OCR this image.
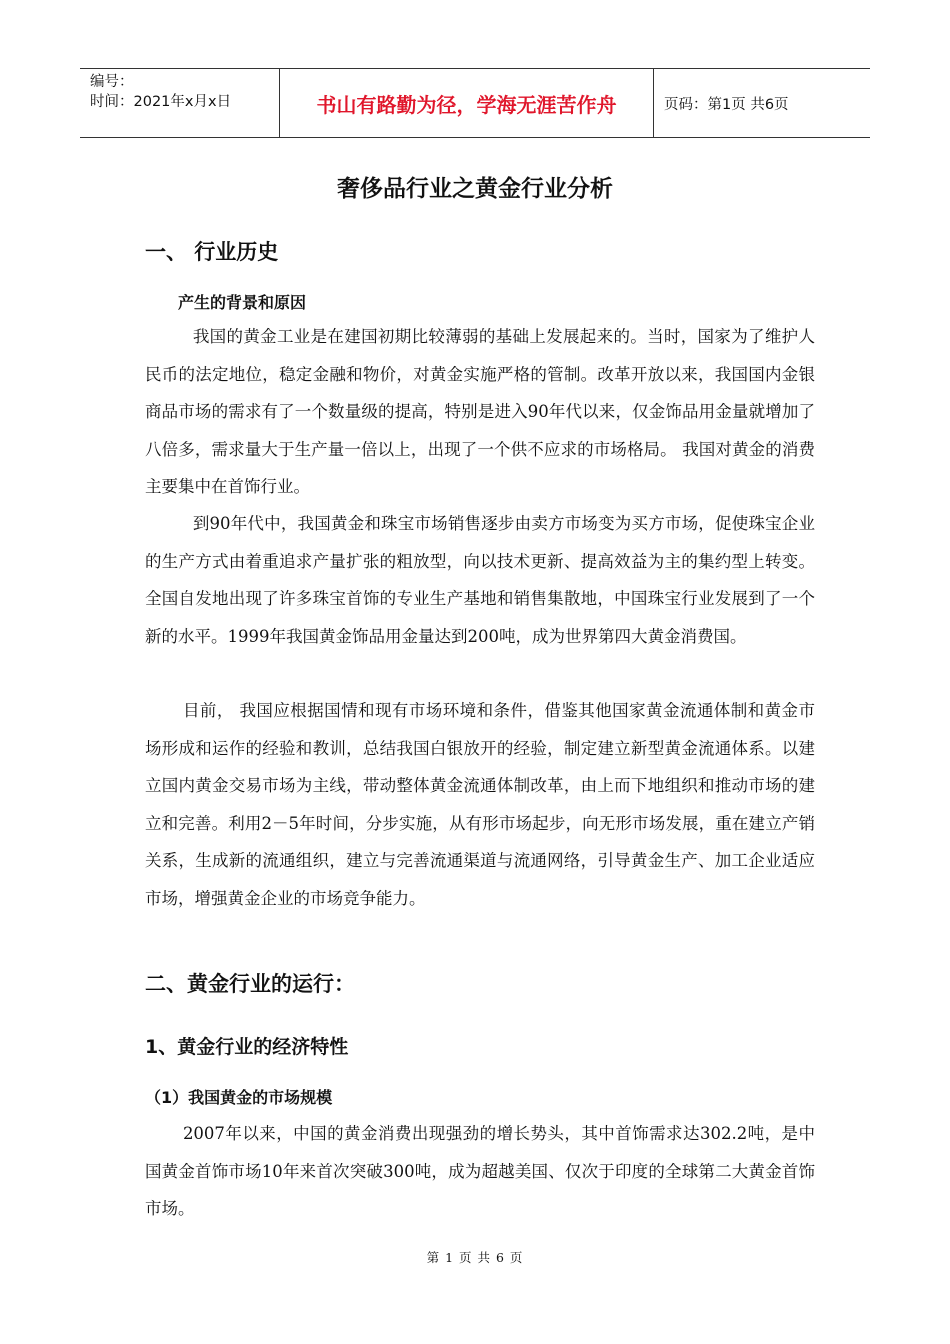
编号：
时间：2021年x月x日	书山有路勤为径，学海无涯苦作舟	页码：第1页 共6页
奢侈品行业之黄金行业分析
一、 行业历史
产生的背景和原因

我国的黄金工业是在建国初期比较薄弱的基础上发展起来的。当时，国家为了维护人民币的法定地位，稳定金融和物价，对黄金实施严格的管制。改革开放以来，我国国内金银商品市场的需求有了一个数量级的提高，特别是进入90年代以来，仅金饰品用金量就增加了八倍多，需求量大于生产量一倍以上，出现了一个供不应求的市场格局。 我国对黄金的消费主要集中在首饰行业。

到90年代中，我国黄金和珠宝市场销售逐步由卖方市场变为买方市场，促使珠宝企业的生产方式由着重追求产量扩张的粗放型，向以技术更新、提高效益为主的集约型上转变。全国自发地出现了许多珠宝首饰的专业生产基地和销售集散地，中国珠宝行业发展到了一个新的水平。1999年我国黄金饰品用金量达到200吨，成为世界第四大黄金消费国。

目前， 我国应根据国情和现有市场环境和条件，借鉴其他国家黄金流通体制和黄金市场形成和运作的经验和教训，总结我国白银放开的经验，制定建立新型黄金流通体系。以建立国内黄金交易市场为主线，带动整体黄金流通体制改革，由上而下地组织和推动市场的建立和完善。利用2－5年时间，分步实施，从有形市场起步，向无形市场发展，重在建立产销关系，生成新的流通组织，建立与完善流通渠道与流通网络，引导黄金生产、加工企业适应市场，增强黄金企业的市场竞争能力。

二、黄金行业的运行：
1、黄金行业的经济特性
（1）我国黄金的市场规模

2007年以来，中国的黄金消费出现强劲的增长势头，其中首饰需求达302.2吨，是中国黄金首饰市场10年来首次突破300吨，成为超越美国、仅次于印度的全球第二大黄金首饰市场。

第 1 页 共 6 页
